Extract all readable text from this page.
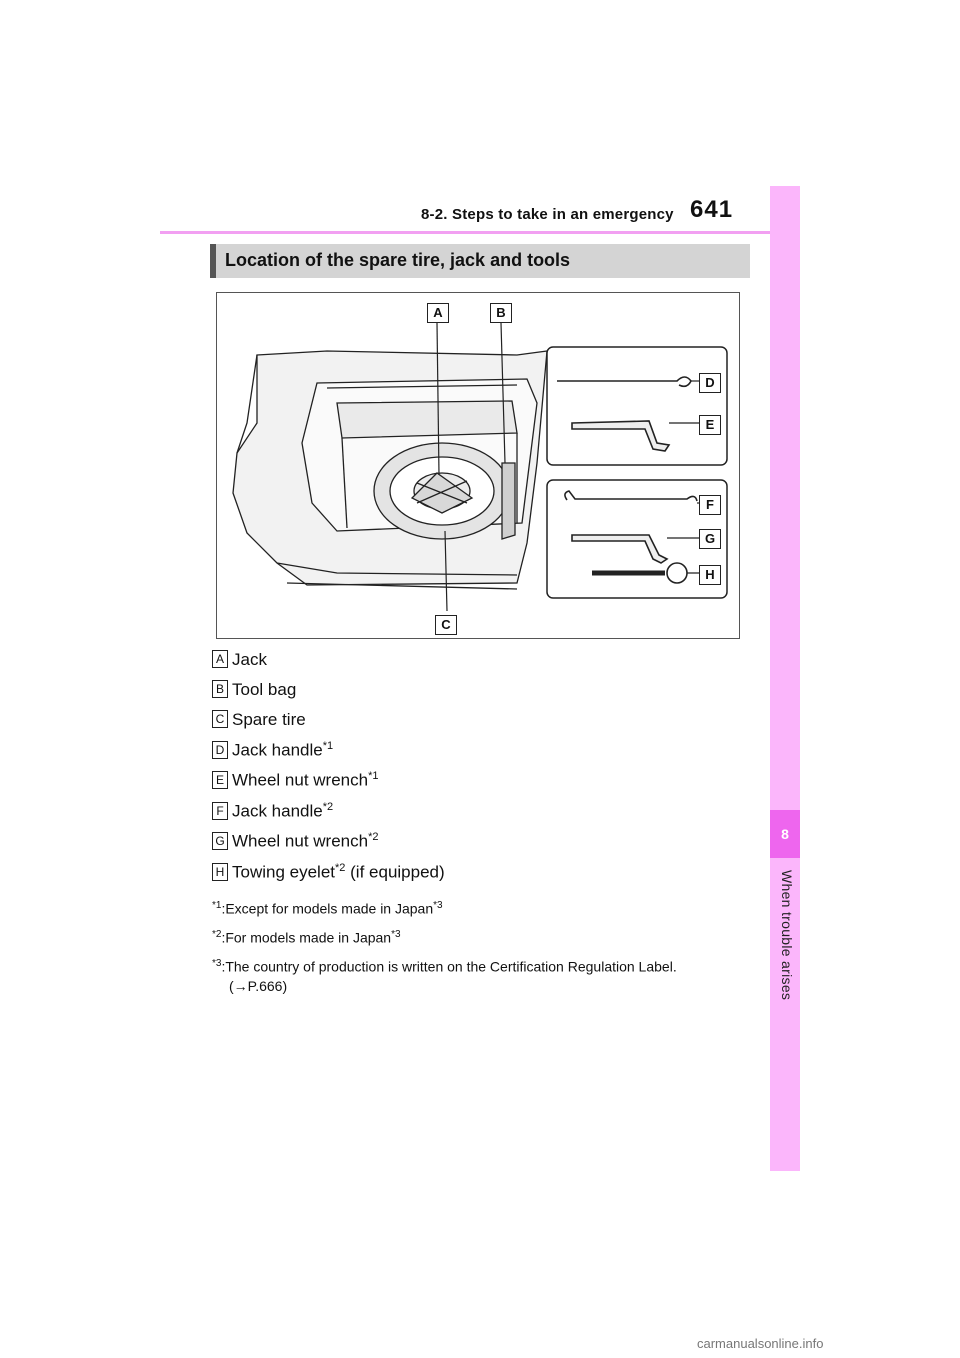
8-2. Steps to take in an emergency 641
8
When trouble arises
Location of the spare tire, jack and tools
A	B
C
D
E
F
G
H
A Jack
B Tool bag
C Spare tire
D Jack handle$^{*1}$
E Wheel nut wrench$^{*1}$
F Jack handle$^{*2}$
G Wheel nut wrench$^{*2}$
H Towing eyelet$^{*2}$ (if equipped)
$^{*1}$:Except for models made in Japan$^{*3}$
$^{*2}$:For models made in Japan$^{*3}$
$^{*3}$:The country of production is written on the Certification Regulation Label.
(→P.666)
carmanualsonline.info
